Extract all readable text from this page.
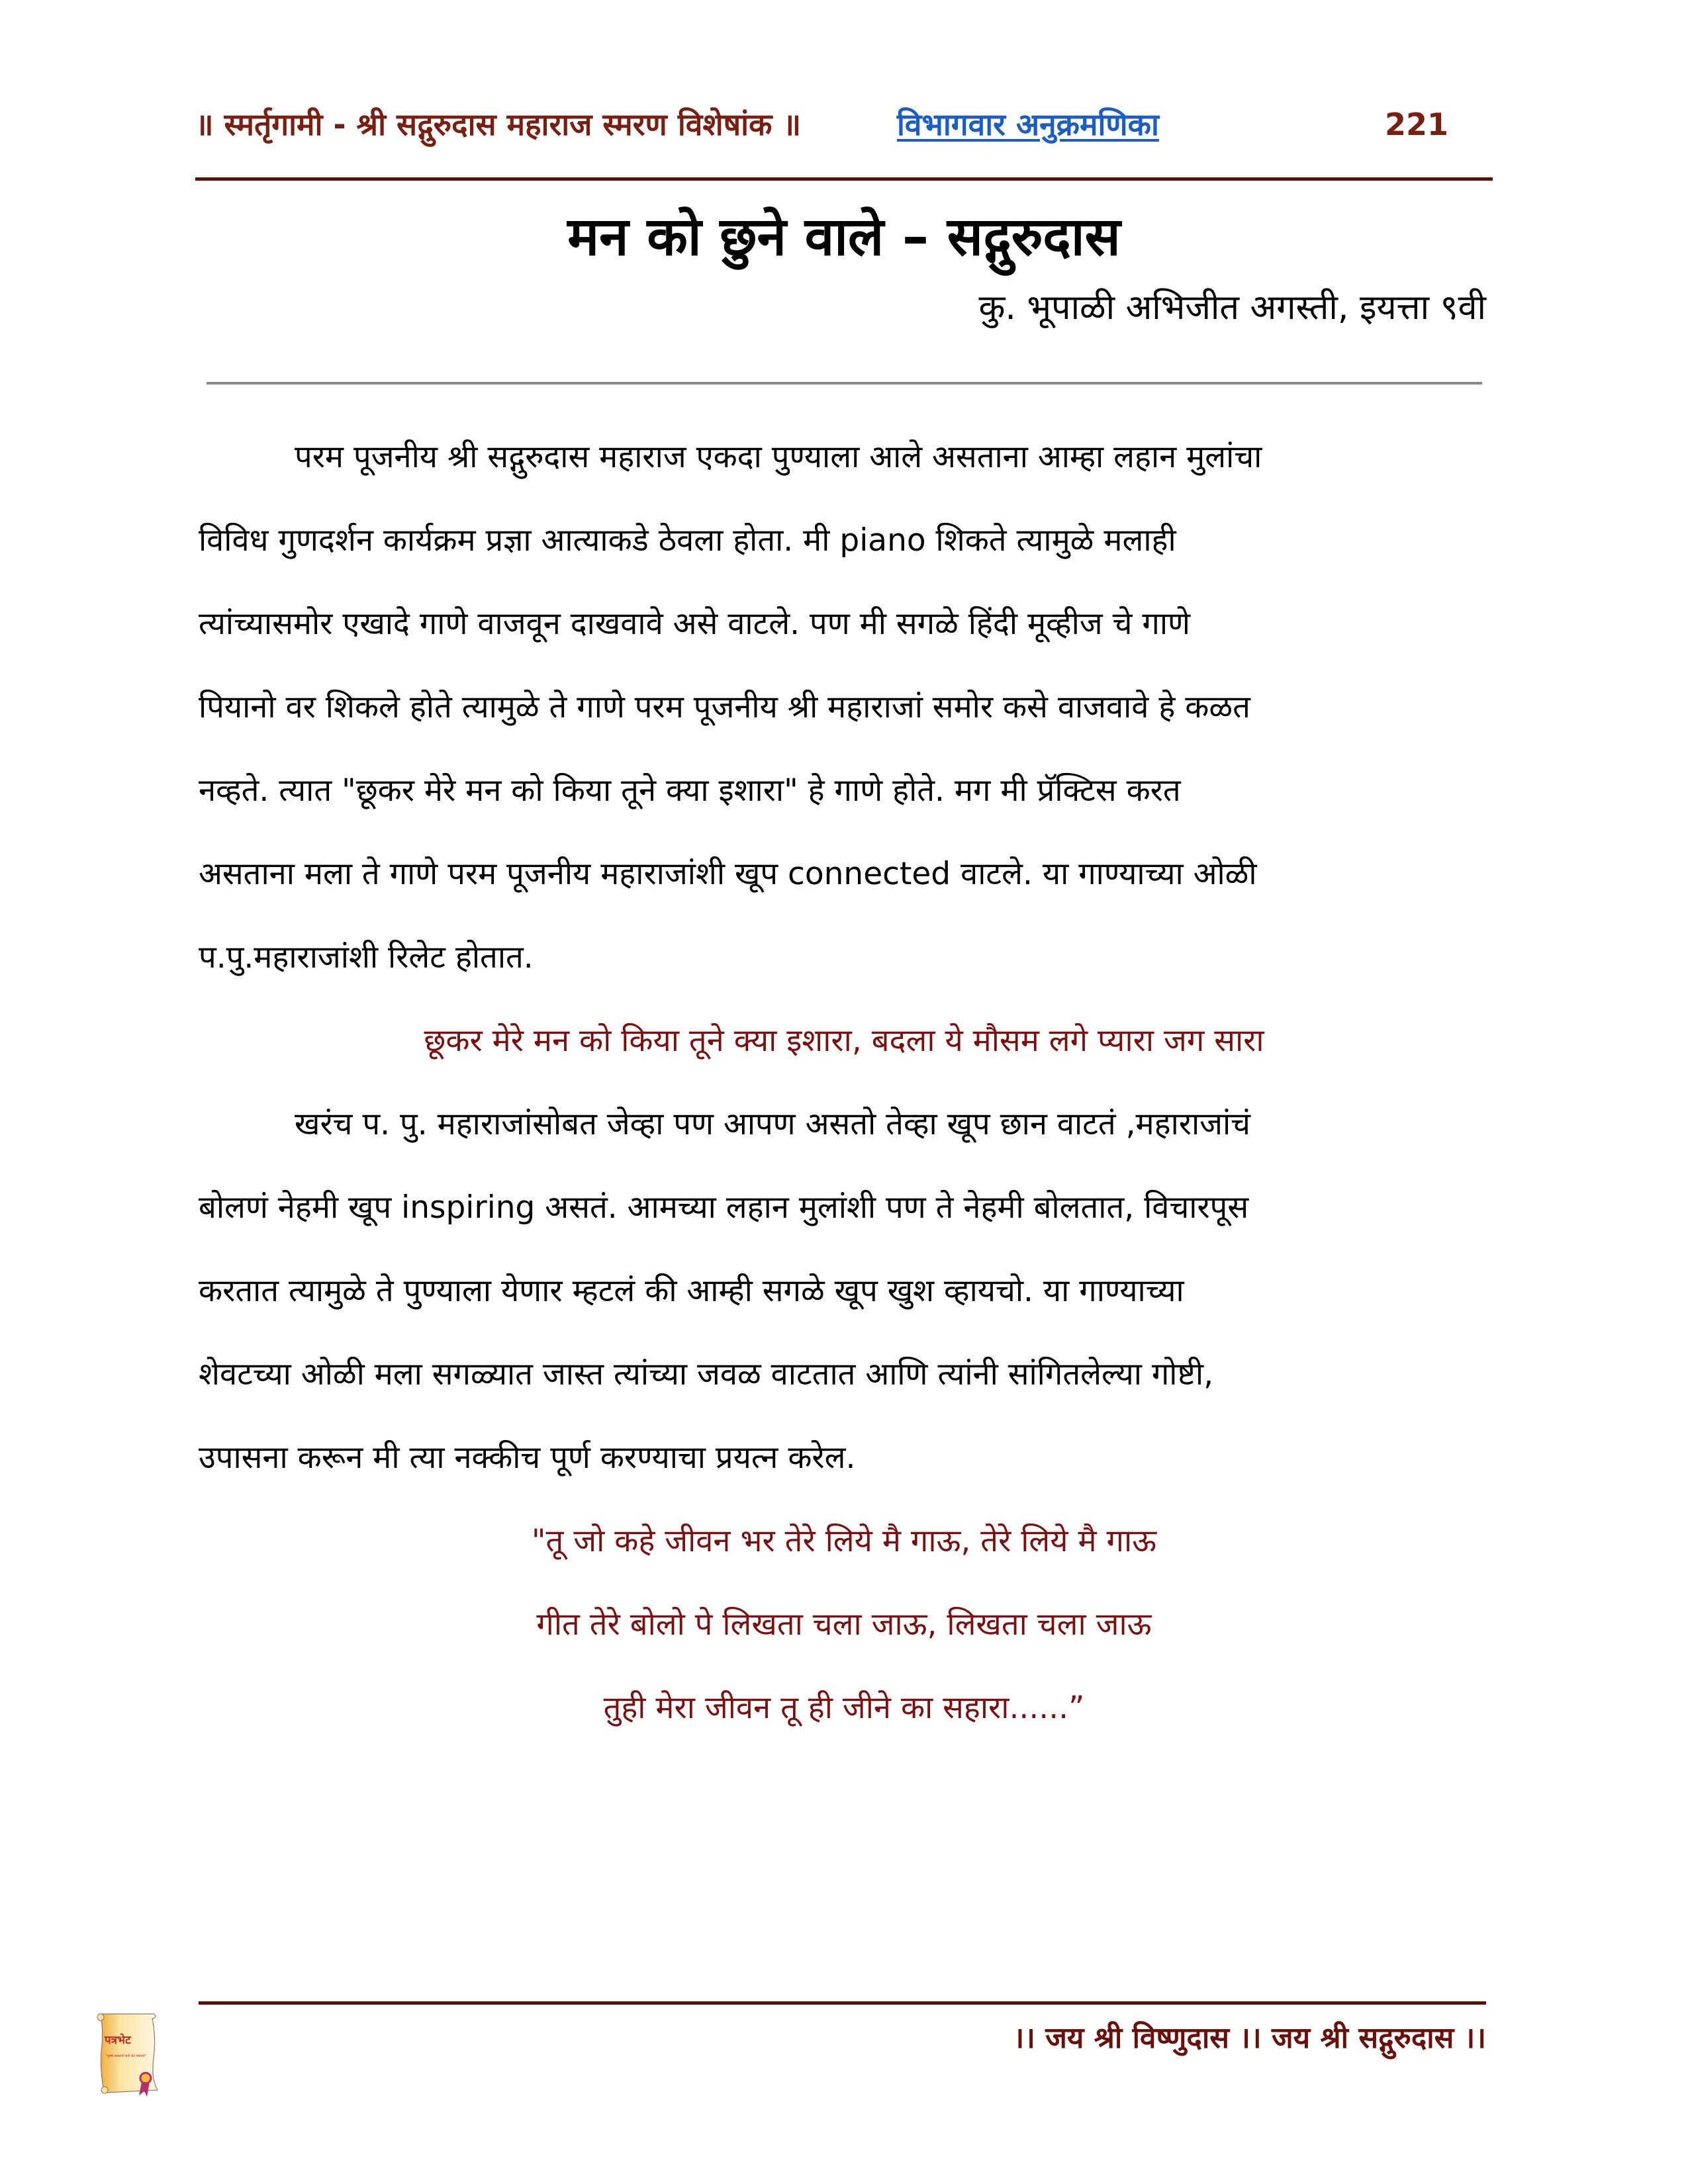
॥ स्मर्तृगामी - श्री सद्गुरुदास महाराज स्मरण विशेषांक ॥	विभागवार अनुक्रमणिका	221
मन को छुने वाले – सद्गुरुदास
कु. भूपाळी अभिजीत अगस्ती, इयत्ता ९वी
परम पूजनीय श्री सद्गुरुदास महाराज एकदा पुण्याला आले असताना आम्हा लहान मुलांचा
विविध गुणदर्शन कार्यक्रम प्रज्ञा आत्याकडे ठेवला होता. मी piano शिकते त्यामुळे मलाही
त्यांच्यासमोर एखादे गाणे वाजवून दाखवावे असे वाटले. पण मी सगळे हिंदी मूव्हीज चे गाणे
पियानो वर शिकले होते त्यामुळे ते गाणे परम पूजनीय श्री महाराजां समोर कसे वाजवावे हे कळत
नव्हते. त्यात "छूकर मेरे मन को किया तूने क्या इशारा" हे गाणे होते. मग मी प्रॅक्टिस करत
असताना मला ते गाणे परम पूजनीय महाराजांशी खूप connected वाटले. या गाण्याच्या ओळी
प.पु.महाराजांशी रिलेट होतात.
छूकर मेरे मन को किया तूने क्या इशारा, बदला ये मौसम लगे प्यारा जग सारा
खरंच प. पु. महाराजांसोबत जेव्हा पण आपण असतो तेव्हा खूप छान वाटतं ,महाराजांचं
बोलणं नेहमी खूप inspiring असतं. आमच्या लहान मुलांशी पण ते नेहमी बोलतात, विचारपूस
करतात त्यामुळे ते पुण्याला येणार म्हटलं की आम्ही सगळे खूप खुश व्हायचो. या गाण्याच्या
शेवटच्या ओळी मला सगळ्यात जास्त त्यांच्या जवळ वाटतात आणि त्यांनी सांगितलेल्या गोष्टी,
उपासना करून मी त्या नक्कीच पूर्ण करण्याचा प्रयत्न करेल.
"तू जो कहे जीवन भर तेरे लिये मै गाऊ, तेरे लिये मै गाऊ
गीत तेरे बोलो पे लिखता चला जाऊ, लिखता चला जाऊ
तुही मेरा जीवन तू ही जीने का सहारा......”
।। जय श्री विष्णुदास ।। जय श्री सद्गुरुदास ।।
पत्रभेट
"कृष्ण सख्याचे पाहो सेत मंडपाचे"
